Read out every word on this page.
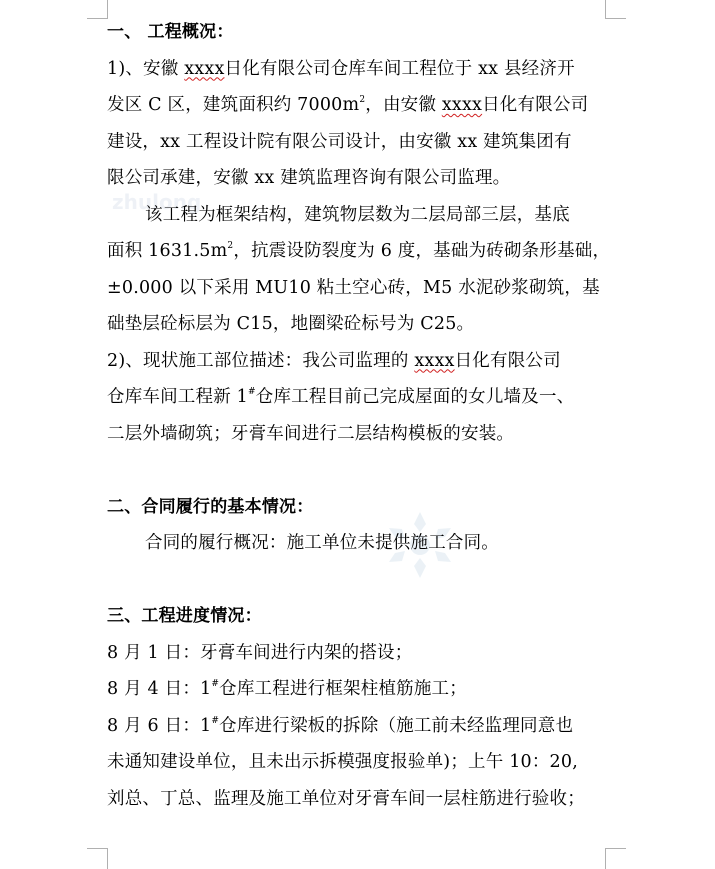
zhulong
一、 工程概况：
1)、安徽 xxxx日化有限公司仓库车间工程位于 xx 县经济开
发区 C 区，建筑面积约 $7000m^2$，由安徽 xxxx日化有限公司
建设，xx 工程设计院有限公司设计，由安徽 xx 建筑集团有
限公司承建，安徽 xx 建筑监理咨询有限公司监理。
该工程为框架结构，建筑物层数为二层局部三层，基底
面积 $1631.5m^2$，抗震设防裂度为 6 度，基础为砖砌条形基础，
±0.000 以下采用 MU10 粘土空心砖，M5 水泥砂浆砌筑，基
础垫层砼标层为 C15，地圈梁砼标号为 C25。
2)、现状施工部位描述：我公司监理的 xxxx日化有限公司
仓库车间工程新 1#仓库工程目前己完成屋面的女儿墙及一、
二层外墙砌筑；牙膏车间进行二层结构模板的安装。
二、合同履行的基本情况：
合同的履行概况：施工单位未提供施工合同。
三、工程进度情况：
8 月 1 日：牙膏车间进行内架的搭设；
8 月 4 日：1#仓库工程进行框架柱植筋施工；
8 月 6 日：1#仓库进行梁板的拆除（施工前未经监理同意也
未通知建设单位，且未出示拆模强度报验单)；上午 10：20,
刘总、丁总、监理及施工单位对牙膏车间一层柱筋进行验收；
